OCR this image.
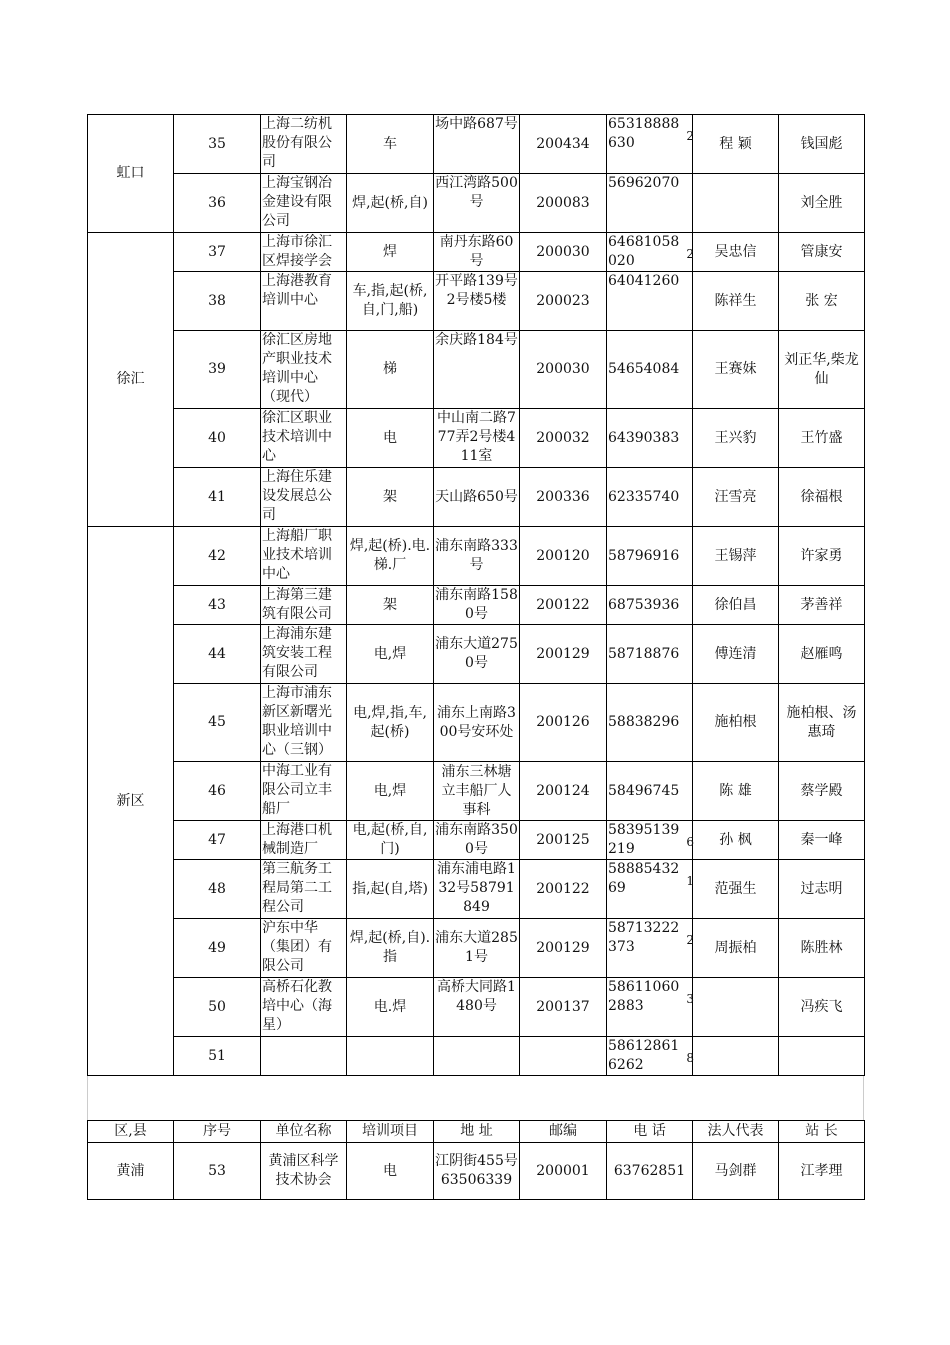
虹口	35	上海二纺机股份有限公司	车	场中路687号	200434	65318888 630 2	程 颖	钱国彪
	36	上海宝钢冶金建设有限公司	焊,起(桥,自)	西江湾路500号	200083	56962070		刘全胜
徐汇	37	上海市徐汇区焊接学会	焊	南丹东路60号	200030	64681058 020 2	吴忠信	管康安
	38	上海港教育培训中心	车,指,起(桥,自,门,船)	开平路139号2号楼5楼	200023	64041260	陈祥生	张 宏
	39	徐汇区房地产职业技术培训中心（现代）	梯	余庆路184号	200030	54654084	王赛妹	刘正华,柴龙仙
	40	徐汇区职业技术培训中心	电	中山南二路777弄2号楼411室	200032	64390383	王兴豹	王竹盛
	41	上海住乐建设发展总公司	架	天山路650号	200336	62335740	汪雪亮	徐福根
新区	42	上海船厂职业技术培训中心	焊,起(桥).电.梯.厂	浦东南路333号	200120	58796916	王锡萍	许家勇
	43	上海第三建筑有限公司	架	浦东南路1580号	200122	68753936	徐伯昌	茅善祥
	44	上海浦东建筑安装工程有限公司	电,焊	浦东大道2750号	200129	58718876	傅连清	赵雁鸣
	45	上海市浦东新区新曙光职业培训中心（三钢）	电,焊,指,车,起(桥)	浦东上南路300号安环处	200126	58838296	施柏根	施柏根、汤惠琦
	46	中海工业有限公司立丰船厂	电,焊	浦东三林塘立丰船厂人事科	200124	58496745	陈 雄	蔡学殿
	47	上海港口机械制造厂	电,起(桥,自,门)	浦东南路3500号	200125	58395139 219 6	孙 枫	秦一峰
	48	第三航务工程局第二工程公司	指,起(自,塔)	浦东浦电路132号58791849	200122	58885432 69 1	范强生	过志明
	49	沪东中华（集团）有限公司	焊,起(桥,自).指	浦东大道2851号	200129	58713222 373 2	周振柏	陈胜林
	50	高桥石化教培中心（海星）	电.焊	高桥大同路1480号	200137	58611060 2883 3		冯疾飞
	51					58612861 6262 8		

区,县	序号	单位名称	培训项目	地 址	邮编	电 话	法人代表	站 长
黄浦	53	黄浦区科学技术协会	电	江阴街455号63506339	200001	63762851	马剑群	江孝理
